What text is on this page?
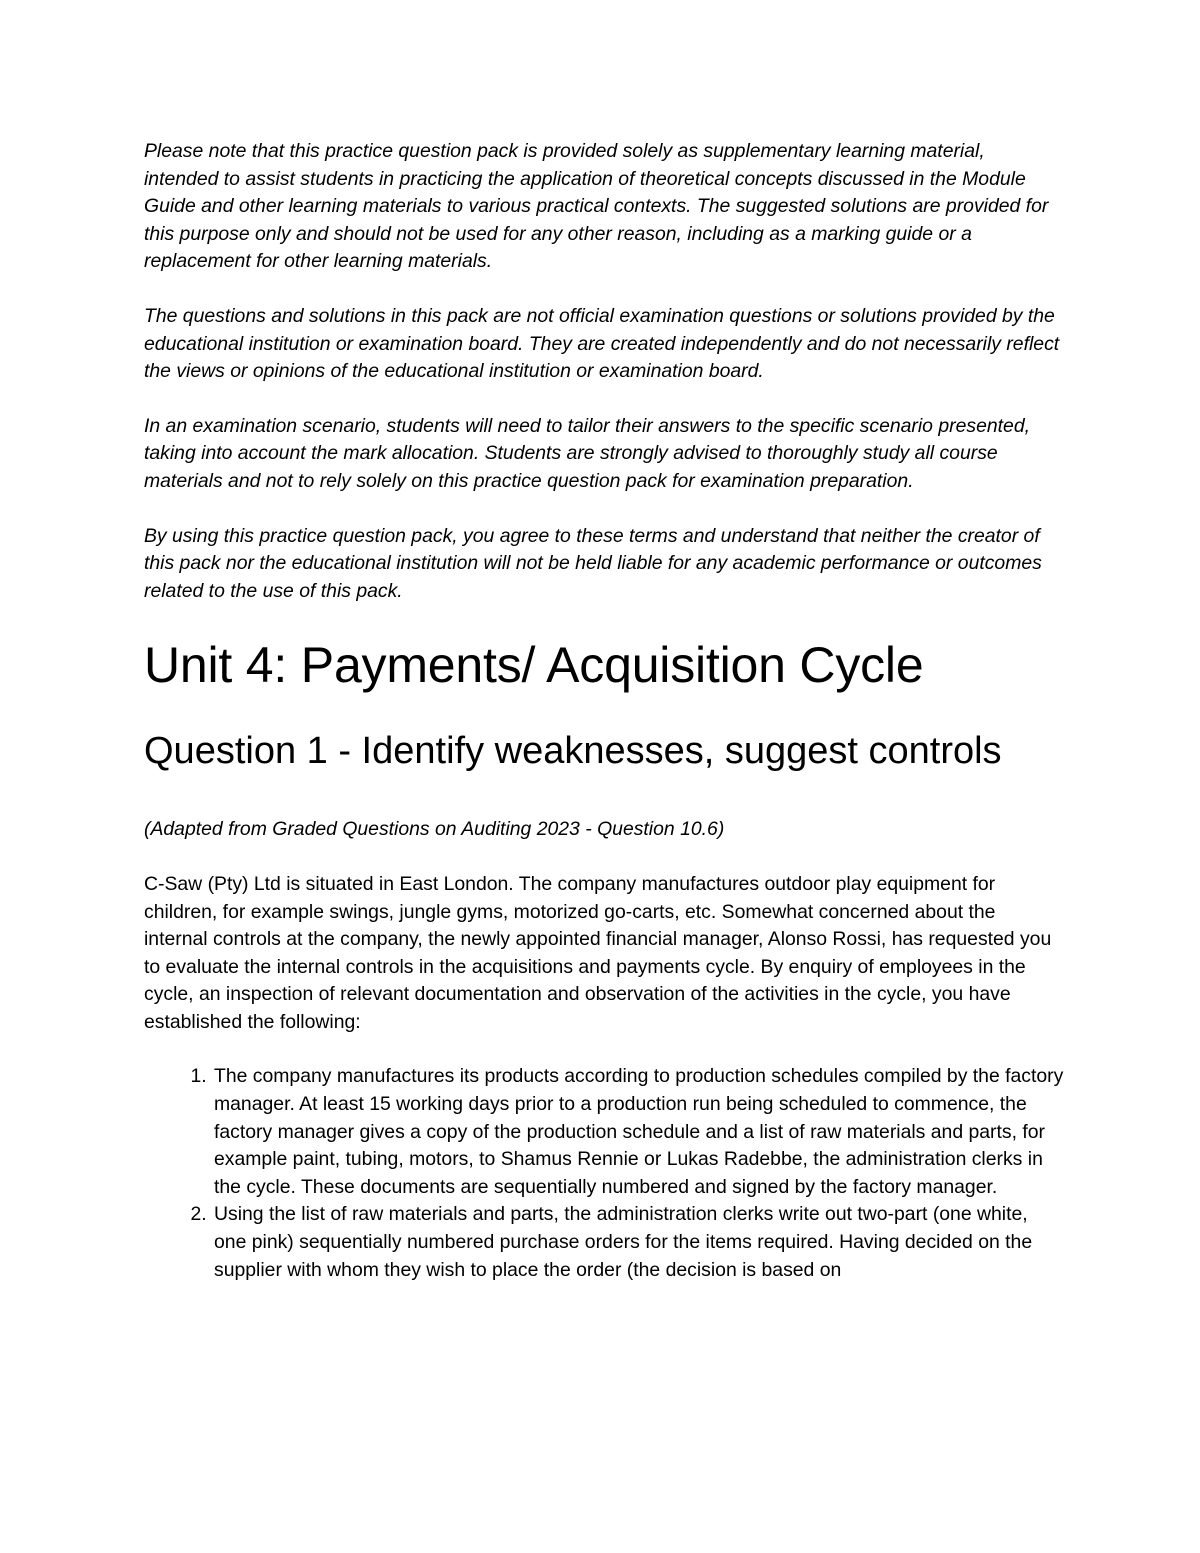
Please note that this practice question pack is provided solely as supplementary learning material, intended to assist students in practicing the application of theoretical concepts discussed in the Module Guide and other learning materials to various practical contexts. The suggested solutions are provided for this purpose only and should not be used for any other reason, including as a marking guide or a replacement for other learning materials.

The questions and solutions in this pack are not official examination questions or solutions provided by the educational institution or examination board. They are created independently and do not necessarily reflect the views or opinions of the educational institution or examination board.

In an examination scenario, students will need to tailor their answers to the specific scenario presented, taking into account the mark allocation. Students are strongly advised to thoroughly study all course materials and not to rely solely on this practice question pack for examination preparation.

By using this practice question pack, you agree to these terms and understand that neither the creator of this pack nor the educational institution will not be held liable for any academic performance or outcomes related to the use of this pack.

Unit 4: Payments/ Acquisition Cycle
Question 1 - Identify weaknesses, suggest controls

(Adapted from Graded Questions on Auditing 2023 - Question 10.6)

C-Saw (Pty) Ltd is situated in East London. The company manufactures outdoor play equipment for children, for example swings, jungle gyms, motorized go-carts, etc. Somewhat concerned about the internal controls at the company, the newly appointed financial manager, Alonso Rossi, has requested you to evaluate the internal controls in the acquisitions and payments cycle. By enquiry of employees in the cycle, an inspection of relevant documentation and observation of the activities in the cycle, you have established the following:

1. The company manufactures its products according to production schedules compiled by the factory manager. At least 15 working days prior to a production run being scheduled to commence, the factory manager gives a copy of the production schedule and a list of raw materials and parts, for example paint, tubing, motors, to Shamus Rennie or Lukas Radebbe, the administration clerks in the cycle. These documents are sequentially numbered and signed by the factory manager.
2. Using the list of raw materials and parts, the administration clerks write out two-part (one white, one pink) sequentially numbered purchase orders for the items required. Having decided on the supplier with whom they wish to place the order (the decision is based on
